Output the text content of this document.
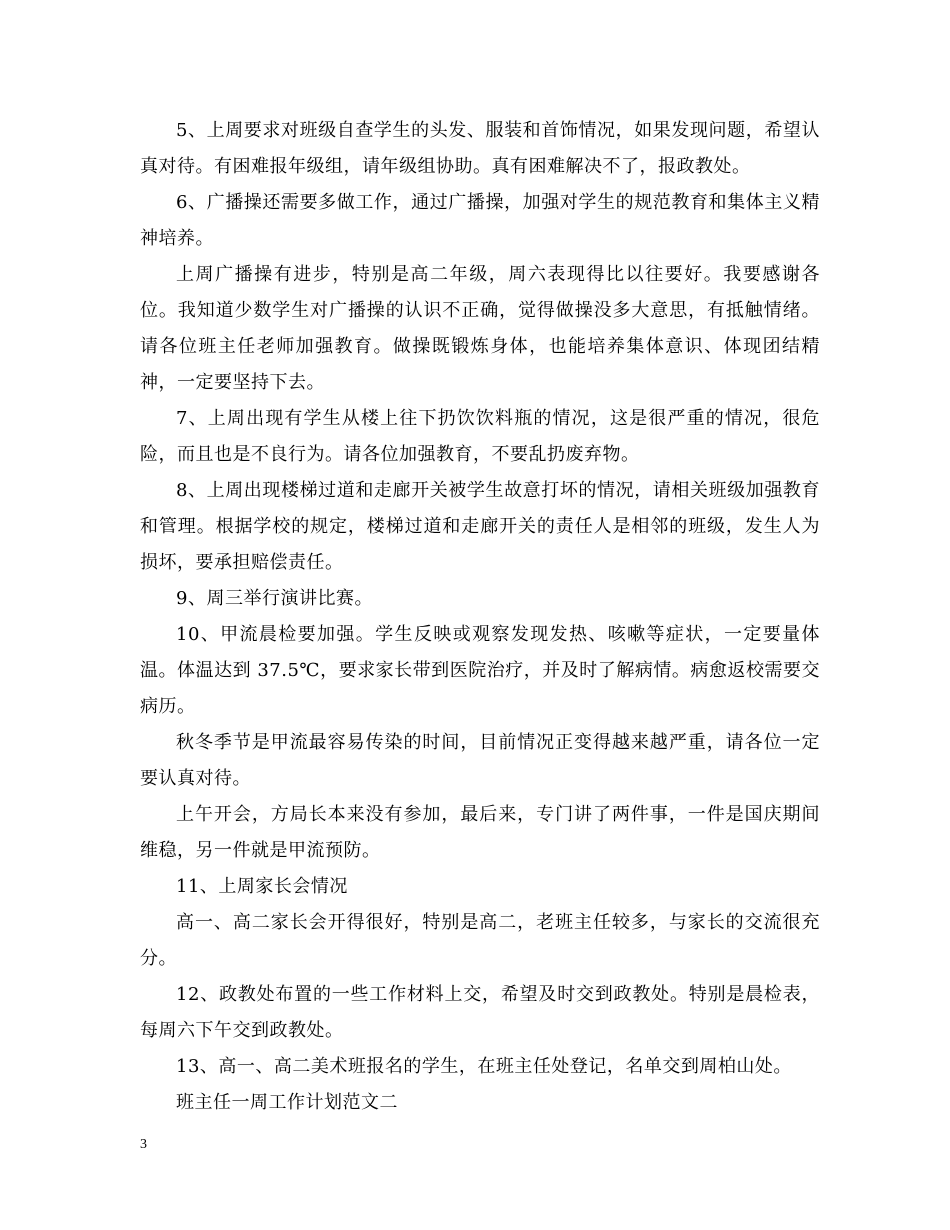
5、上周要求对班级自查学生的头发、服装和首饰情况，如果发现问题，希望认真对待。有困难报年级组，请年级组协助。真有困难解决不了，报政教处。

6、广播操还需要多做工作，通过广播操，加强对学生的规范教育和集体主义精神培养。

上周广播操有进步，特别是高二年级，周六表现得比以往要好。我要感谢各位。我知道少数学生对广播操的认识不正确，觉得做操没多大意思，有抵触情绪。请各位班主任老师加强教育。做操既锻炼身体，也能培养集体意识、体现团结精神，一定要坚持下去。

7、上周出现有学生从楼上往下扔饮饮料瓶的情况，这是很严重的情况，很危险，而且也是不良行为。请各位加强教育，不要乱扔废弃物。

8、上周出现楼梯过道和走廊开关被学生故意打坏的情况，请相关班级加强教育和管理。根据学校的规定，楼梯过道和走廊开关的责任人是相邻的班级，发生人为损坏，要承担赔偿责任。

9、周三举行演讲比赛。

10、甲流晨检要加强。学生反映或观察发现发热、咳嗽等症状，一定要量体温。体温达到 37.5℃，要求家长带到医院治疗，并及时了解病情。病愈返校需要交病历。

秋冬季节是甲流最容易传染的时间，目前情况正变得越来越严重，请各位一定要认真对待。

上午开会，方局长本来没有参加，最后来，专门讲了两件事，一件是国庆期间维稳，另一件就是甲流预防。

11、上周家长会情况

高一、高二家长会开得很好，特别是高二，老班主任较多，与家长的交流很充分。

12、政教处布置的一些工作材料上交，希望及时交到政教处。特别是晨检表，每周六下午交到政教处。

13、高一、高二美术班报名的学生，在班主任处登记，名单交到周柏山处。

班主任一周工作计划范文二

3
